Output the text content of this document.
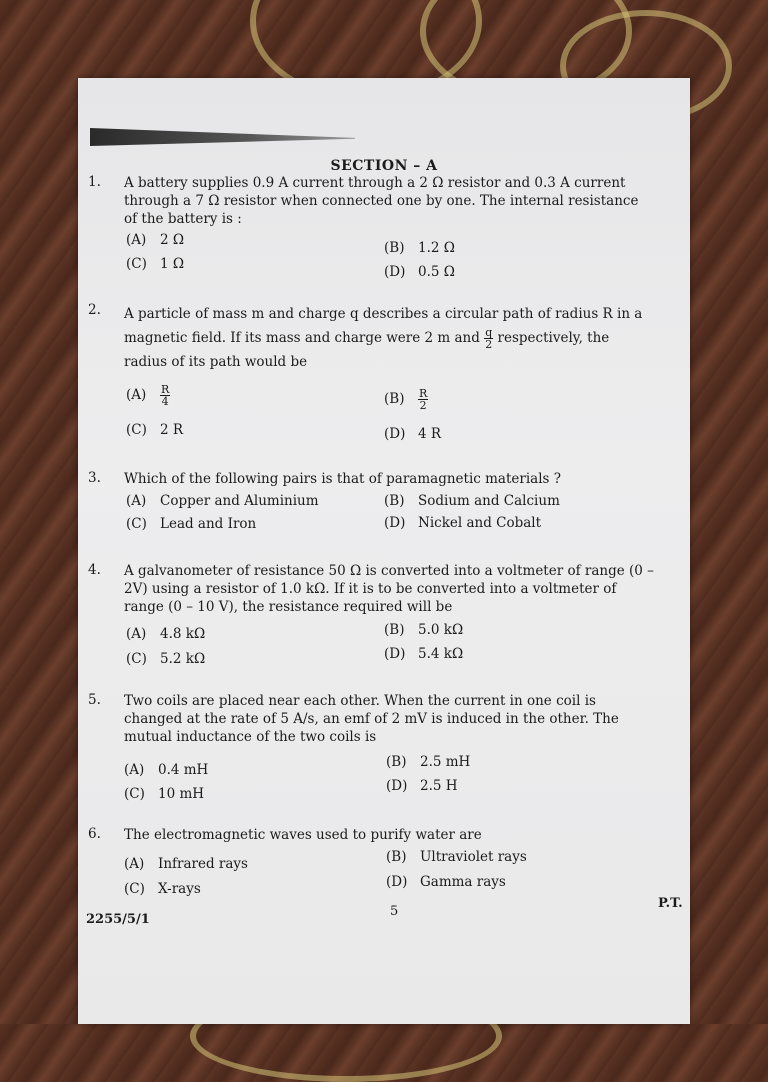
SECTION – A
1. A battery supplies 0.9 A current through a 2 Ω resistor and 0.3 A current through a 7 Ω resistor when connected one by one. The internal resistance of the battery is :
(A) 2 Ω	(B) 1.2 Ω
(C) 1 Ω	(D) 0.5 Ω
2. A particle of mass m and charge q describes a circular path of radius R in a magnetic field. If its mass and charge were 2 m and $\frac{q}{2}$ respectively, the radius of its path would be
$(A) \frac{R}{4}$	$(B) \frac{R}{2}$
(C) 2 R	(D) 4 R
3. Which of the following pairs is that of paramagnetic materials ?
(A) Copper and Aluminium	(B) Sodium and Calcium
(C) Lead and Iron	(D) Nickel and Cobalt
4. A galvanometer of resistance 50 Ω is converted into a voltmeter of range (0 – 2V) using a resistor of 1.0 kΩ. If it is to be converted into a voltmeter of range (0 – 10 V), the resistance required will be
(A) 4.8 kΩ	(B) 5.0 kΩ
(C) 5.2 kΩ	(D) 5.4 kΩ
5. Two coils are placed near each other. When the current in one coil is changed at the rate of 5 A/s, an emf of 2 mV is induced in the other. The mutual inductance of the two coils is
(A) 0.4 mH	(B) 2.5 mH
(C) 10 mH	(D) 2.5 H
6. The electromagnetic waves used to purify water are
(A) Infrared rays	(B) Ultraviolet rays
(C) X-rays	(D) Gamma rays
2255/5/1
5
P.T.
